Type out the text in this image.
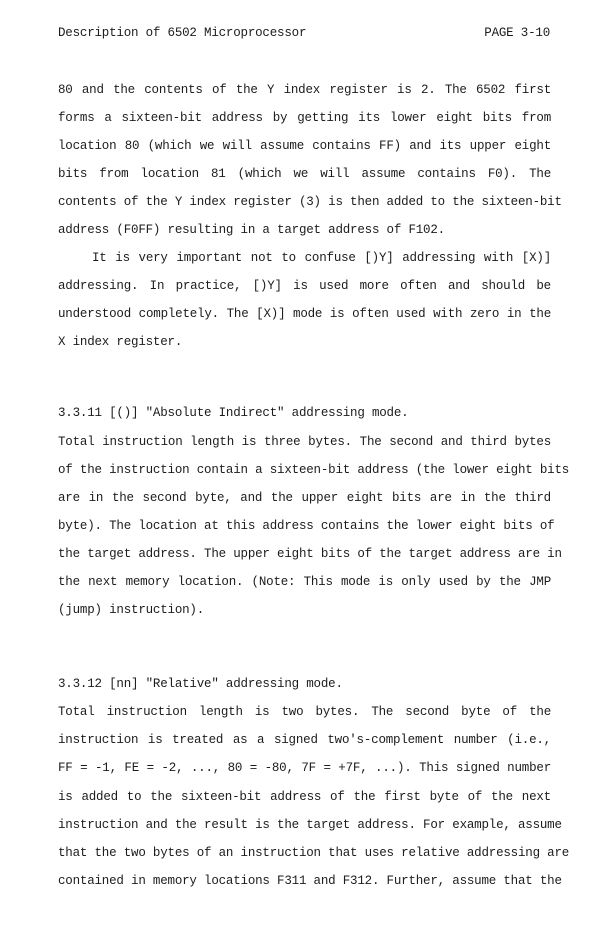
Description of 6502 Microprocessor	PAGE 3-10
80 and the contents of the Y index register is 2. The 6502 first
forms a sixteen-bit address by getting its lower eight bits from
location 80 (which we will assume contains FF) and its upper eight
bits from location 81 (which we will assume contains F0). The
contents of the Y index register (3) is then added to the sixteen-bit
address (F0FF) resulting in a target address of F102.
It is very important not to confuse [)Y] addressing with [X)]
addressing. In practice, [)Y] is used more often and should be
understood completely. The [X)] mode is often used with zero in the
X index register.
3.3.11 [()] "Absolute Indirect" addressing mode.
Total instruction length is three bytes. The second and third bytes
of the instruction contain a sixteen-bit address (the lower eight bits
are in the second byte, and the upper eight bits are in the third
byte). The location at this address contains the lower eight bits of
the target address. The upper eight bits of the target address are in
the next memory location. (Note: This mode is only used by the JMP
(jump) instruction).
3.3.12 [nn] "Relative" addressing mode.
Total instruction length is two bytes. The second byte of the
instruction is treated as a signed two's-complement number (i.e.,
FF = -1, FE = -2, ..., 80 = -80, 7F = +7F, ...). This signed number
is added to the sixteen-bit address of the first byte of the next
instruction and the result is the target address. For example, assume
that the two bytes of an instruction that uses relative addressing are
contained in memory locations F311 and F312. Further, assume that the
